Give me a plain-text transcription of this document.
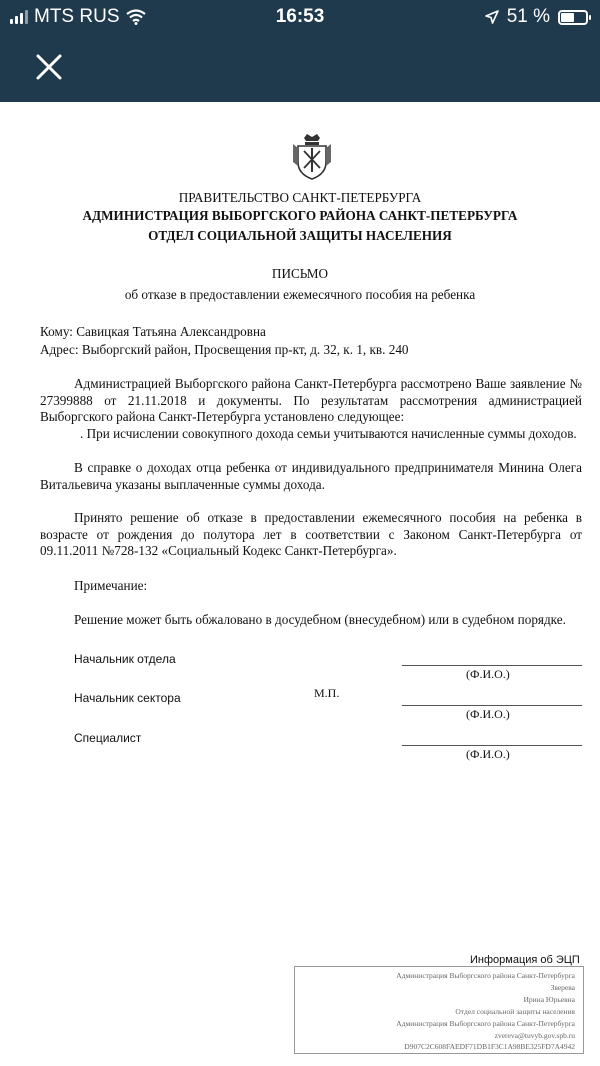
MTS RUS	16:53	51 %
ПРАВИТЕЛЬСТВО САНКТ-ПЕТЕРБУРГА
АДМИНИСТРАЦИЯ ВЫБОРГСКОГО РАЙОНА САНКТ-ПЕТЕРБУРГА
ОТДЕЛ СОЦИАЛЬНОЙ ЗАЩИТЫ НАСЕЛЕНИЯ
ПИСЬМО
об отказе в предоставлении ежемесячного пособия на ребенка
Кому: Савицкая Татьяна Александровна
Адрес: Выборгский район, Просвещения пр-кт, д. 32, к. 1, кв. 240
Администрацией Выборгского района Санкт-Петербурга рассмотрено Ваше заявление № 27399888 от 21.11.2018 и документы. По результатам рассмотрения администрацией Выборгского района Санкт-Петербурга установлено следующее:
. При исчислении совокупного дохода семьи учитываются начисленные суммы доходов.
В справке о доходах отца ребенка от индивидуального предпринимателя Минина Олега Витальевича указаны выплаченные суммы дохода.
Принято решение об отказе в предоставлении ежемесячного пособия на ребенка в возрасте от рождения до полутора лет в соответствии с Законом Санкт-Петербурга от 09.11.2011 №728-132 «Социальный Кодекс Санкт-Петербурга».
Примечание:
Решение может быть обжаловано в досудебном (внесудебном) или в судебном порядке.
Начальник отдела
(Ф.И.О.)
Начальник сектора	М.П.
(Ф.И.О.)
Специалист
(Ф.И.О.)
Информация об ЭЦП
Администрация Выборгского района Санкт-Петербурга
Зверева
Ирина Юрьевна
Отдел социальной защиты населения
Администрация Выборгского района Санкт-Петербурга
zvereva@tuvyb.gov.spb.ru
D907C2C608FAEDF71DB1F3C1A98BE325FD7A4942
